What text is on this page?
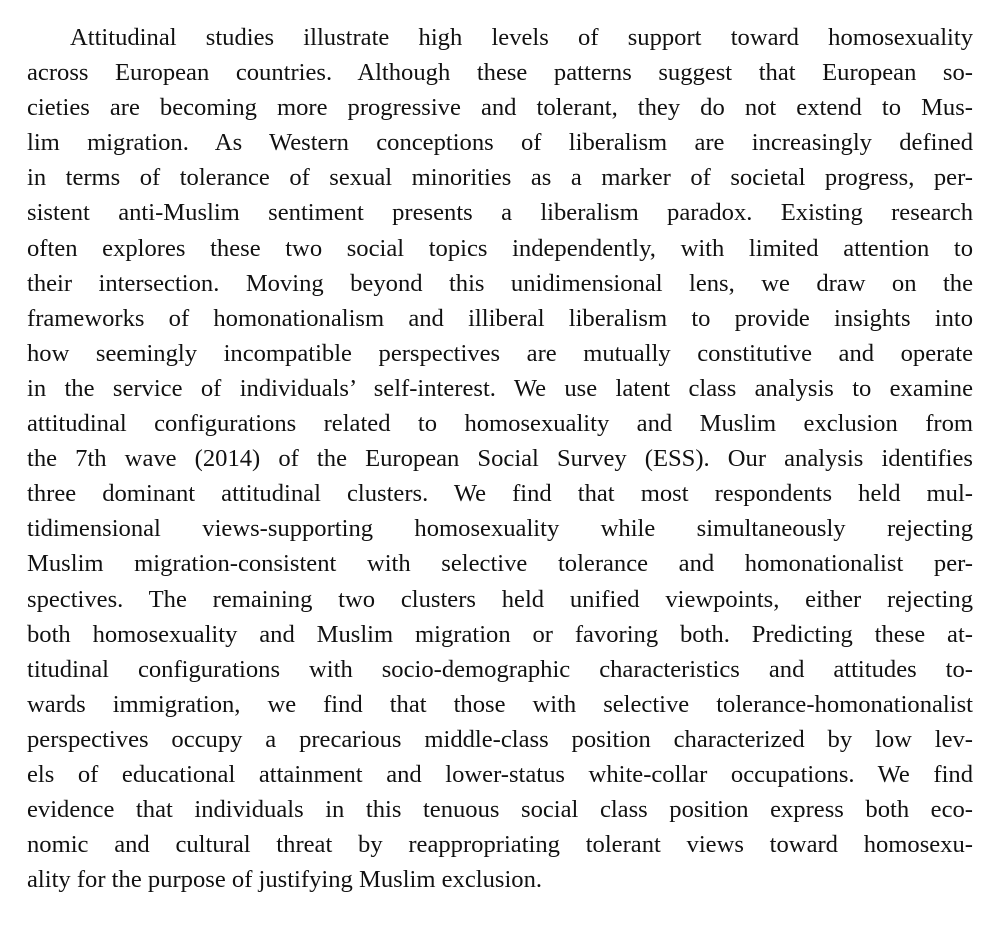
Attitudinal studies illustrate high levels of support toward homosexuality
across European countries. Although these patterns suggest that European so-
cieties are becoming more progressive and tolerant, they do not extend to Mus-
lim migration. As Western conceptions of liberalism are increasingly defined
in terms of tolerance of sexual minorities as a marker of societal progress, per-
sistent anti-Muslim sentiment presents a liberalism paradox. Existing research
often explores these two social topics independently, with limited attention to
their intersection. Moving beyond this unidimensional lens, we draw on the
frameworks of homonationalism and illiberal liberalism to provide insights into
how seemingly incompatible perspectives are mutually constitutive and operate
in the service of individuals’ self-interest. We use latent class analysis to examine
attitudinal configurations related to homosexuality and Muslim exclusion from
the 7th wave (2014) of the European Social Survey (ESS). Our analysis identifies
three dominant attitudinal clusters. We find that most respondents held mul-
tidimensional views-supporting homosexuality while simultaneously rejecting
Muslim migration-consistent with selective tolerance and homonationalist per-
spectives. The remaining two clusters held unified viewpoints, either rejecting
both homosexuality and Muslim migration or favoring both. Predicting these at-
titudinal configurations with socio-demographic characteristics and attitudes to-
wards immigration, we find that those with selective tolerance-homonationalist
perspectives occupy a precarious middle-class position characterized by low lev-
els of educational attainment and lower-status white-collar occupations. We find
evidence that individuals in this tenuous social class position express both eco-
nomic and cultural threat by reappropriating tolerant views toward homosexu-
ality for the purpose of justifying Muslim exclusion.
